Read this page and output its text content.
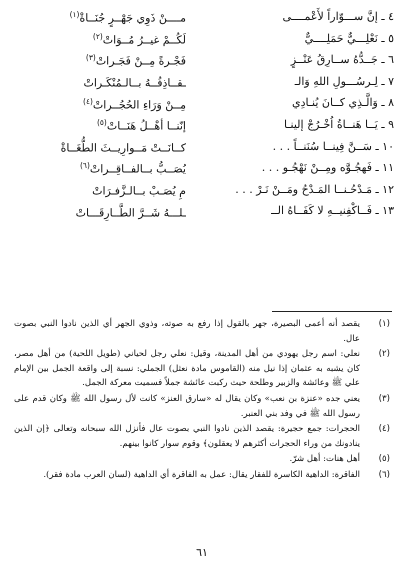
٤ ـ إنَّ ســـوّاراً لأَعْمــــى
مــــنْ ذَوِي جَهْــرٍ جُنَــاةْ$^{(١)}$
٥ ـ نَعْلِـــيٌّ حَمَلِــــيٌّ
لَكُــمْ غيــرُ مُــوَاتْ$^{(٢)}$
٦ ـ جَــدُّهُ ســارِقُ عَنْــزٍ
فَجْـرةً مِــنْ فَجَـراتْ$^{(٣)}$
٧ ـ لِـرسُـــولِ اللهِ وَالـ
ـقــاذِفُــهُ بــالـمُنْكَـراتْ
٨ ـ وَالَّـذِي كــانَ يُنـادِي
مِــنْ وَرَاءِ الحُجُــراتْ$^{(٤)}$
٩ ـ يَــا هَنــاةُ اُخْـرُجْ إلينـا
إنّنــا أهْــلُ هَنَــاتْ$^{(٥)}$
١٠ ـ سَــنَّ فِينــا سُنَنــاً . . .
كــانَــتْ مَــوارِيــثَ الطُّغَــاةْ
١١ ـ فَهجُـوَّه ومِــنْ نَهْجُـو . . .
يُصَــبُّ بــالفــاقِــراتْ$^{(٦)}$
١٢ ـ مَـدْحُـنــا المَـدْحُ ومَــنْ نَـرْ . . .
مِ يُصَـبْ بــالـزَّفـرَاتْ
١٣ ـ فَــاكْفِنيــهِ لا كَفَــاهُ الــ
ـلـــهُ شَــرَّ الطَّــارِقَـــاتْ
(١)
يقصد أنه أعمى البصيرة، جهر بالقول إذا رفع به صوته، وذوي الجهر أي الذين نادوا النبي بصوت عال.
(٢)
نعلي: اسم رجل يهودي من أهل المدينة، وقيل: نعلي رجل لحياني (طويل اللحية) من أهل مصر، كان يشبه به عثمان إذا نيل منه (القاموس مادة نعثل) الجملي: نسبة إلى واقعة الجمل بين الإمام علي ﷺ وعائشة والزبير وطلحة حيث ركبت عائشة جملاً فسميت معركة الجمل.
(٣)
يعني جده «عنزة بن نعب» وكان يقال له «سارق العنز» كانت لأل رسول الله ﷺ وكان قدم على رسول الله ﷺ في وفد بني العنبر.
(٤)
الحجرات: جمع حجيرة: يقصد الذين نادوا النبي بصوت عال فأنزل الله سبحانه وتعالى ﴿إن الذين ينادونك من وراء الحجرات أكثرهم لا يعقلون﴾ وقوم سوار كانوا بينهم.
(٥)
أهل هنات: أهل شرّ.
(٦)
الفاقرة: الداهية الكاسرة للفقار يقال: عمل به الفاقرة أي الداهية (لسان العرب مادة فقر).
٦١
